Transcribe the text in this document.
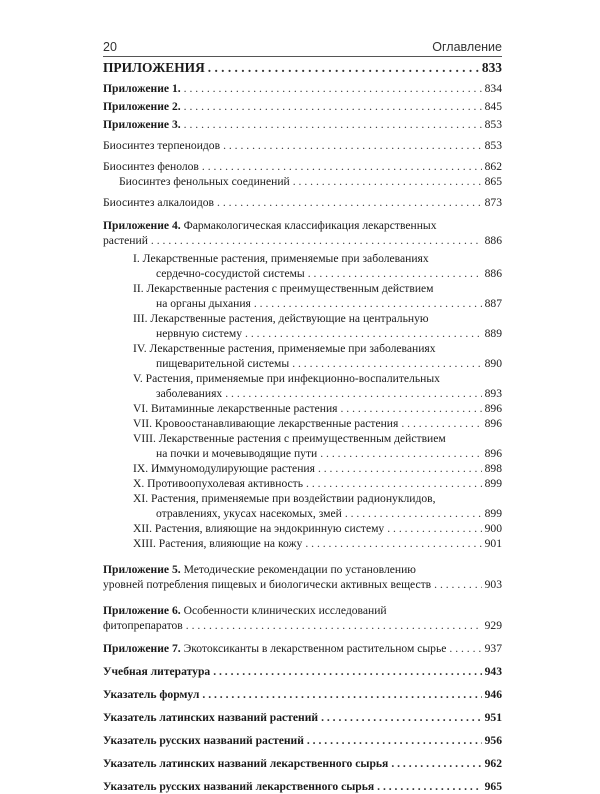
20	Оглавление
ПРИЛОЖЕНИЯ . . .	833
Приложение 1. . . .	834
Приложение 2. . . .	845
Приложение 3. . . .	853
Биосинтез терпеноидов . . .	853
Биосинтез фенолов . . .	862
Биосинтез фенольных соединений . . .	865
Биосинтез алкалоидов . . .	873
Приложение 4. Фармакологическая классификация лекарственных
растений . . .	886
I. Лекарственные растения, применяемые при заболеваниях
сердечно-сосудистой системы . . .	886
II. Лекарственные растения с преимущественным действием
на органы дыхания . . .	887
III. Лекарственные растения, действующие на центральную
нервную систему . . .	889
IV. Лекарственные растения, применяемые при заболеваниях
пищеварительной системы . . .	890
V. Растения, применяемые при инфекционно-воспалительных
заболеваниях . . .	893
VI. Витаминные лекарственные растения . . .	896
VII. Кровоостанавливающие лекарственные растения . . .	896
VIII. Лекарственные растения с преимущественным действием
на почки и мочевыводящие пути . . .	896
IX. Иммуномодулирующие растения . . .	898
X. Противоопухолевая активность . . .	899
XI. Растения, применяемые при воздействии радионуклидов,
отравлениях, укусах насекомых, змей . . .	899
XII. Растения, влияющие на эндокринную систему . . .	900
XIII. Растения, влияющие на кожу . . .	901
Приложение 5. Методические рекомендации по установлению
уровней потребления пищевых и биологически активных веществ . . .	903
Приложение 6. Особенности клинических исследований
фитопрепаратов . . .	929
Приложение 7. Экотоксиканты в лекарственном растительном сырье . . .	937
Учебная литература . . .	943
Указатель формул . . .	946
Указатель латинских названий растений . . .	951
Указатель русских названий растений . . .	956
Указатель латинских названий лекарственного сырья . . .	962
Указатель русских названий лекарственного сырья . . .	965
